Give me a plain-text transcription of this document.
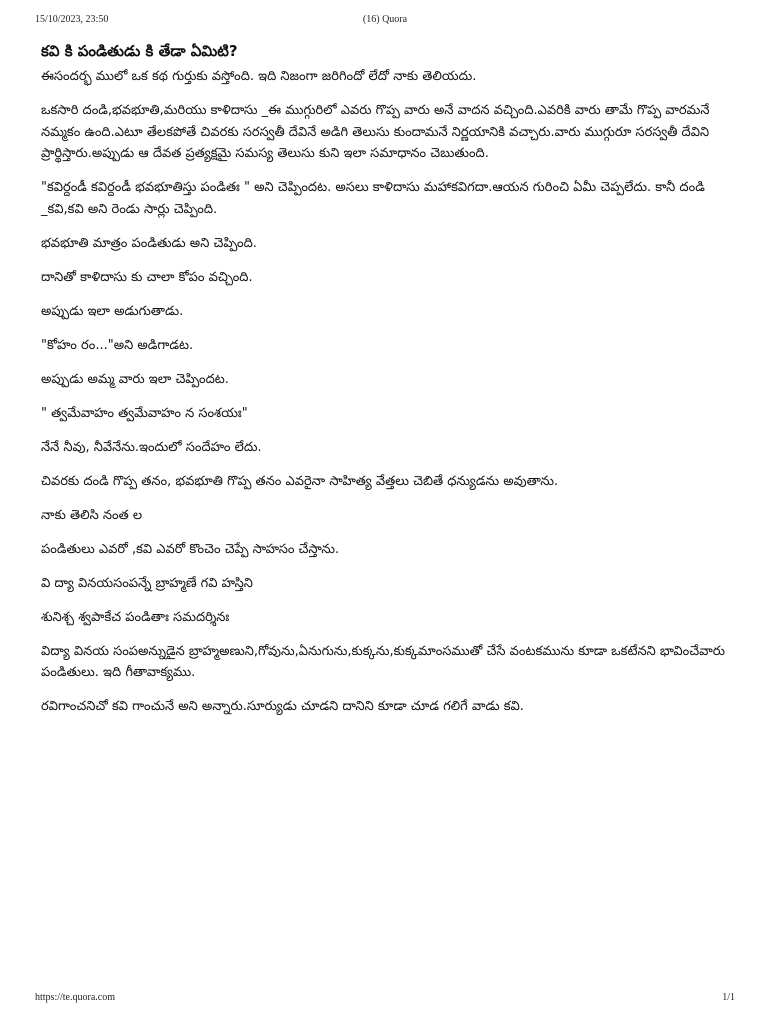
15/10/2023, 23:50	(16) Quora
కవి కి పండితుడు కి తేడా ఏమిటి?

ఈసందర్భ ములో ఒక కథ గుర్తుకు వస్తోంది. ఇది నిజంగా జరిగిందో లేదో నాకు తెలియదు.

ఒకసారి దండి,భవభూతి,మరియు కాళిదాసు _ఈ ముగ్గురిలో ఎవరు గొప్ప వారు అనే వాదన వచ్చింది.ఎవరికి వారు తామే గొప్ప వారమనే నమ్మకం ఉంది.ఎటూ తేలకపోతే చివరకు సరస్వతీ దేవినే అడిగి తెలుసు కుందామనే నిర్ణయానికి వచ్చారు.వారు ముగ్గురూ సరస్వతీ దేవిని ప్రార్థిస్తారు.అప్పుడు ఆ దేవత ప్రత్యక్షమై సమస్య తెలుసు కుని ఇలా సమాధానం చెబుతుంది.

"కవిర్దండీ కవిర్దండీ భవభూతిస్తు పండితః " అని చెప్పిందట. అసలు కాళిదాసు మహాకవిగదా.ఆయన గురించి ఏమీ చెప్పలేదు. కానీ దండి _కవి,కవి అని రెండు సార్లు చెప్పింది.

భవభూతి మాత్రం పండితుడు అని చెప్పింది.

దానితో కాళిదాసు కు చాలా కోపం వచ్చింది.

అప్పుడు ఇలా అడుగుతాడు.

"కోహం రం..."అని అడిగాడట.

అప్పుడు అమ్మ వారు ఇలా చెప్పిందట.

" త్వమేవాహం త్వమేవాహం న సంశయః"

నేనే నీవు, నీవేనేను.ఇందులో సందేహం లేదు.

చివరకు దండి గొప్ప తనం, భవభూతి గొప్ప తనం ఎవరైనా సాహిత్య వేత్తలు చెబితే ధన్యుడను అవుతాను.

నాకు తెలిసి నంత ల

పండితులు ఎవరో ,కవి ఎవరో కొంచెం చెప్పే సాహసం చేస్తాను.

వి ద్యా వినయసంపన్నే బ్రాహ్మణే గవి హస్తిని

శునిశ్చ శ్వపాకేచ పండితాః సమదర్శినః

విద్యా వినయ సంపఅన్నుడైన బ్రాహ్మఅణుని,గోవును,ఏనుగును,కుక్కను,కుక్కమాంసముతో చేసే వంటకమును కూడా ఒకటేనని భావించేవారు పండితులు. ఇది గీతావాక్యము.

రవిగాంచనిచో కవి గాంచునే అని అన్నారు.సూర్యుడు చూడని దానిని కూడా చూడ గలిగే వాడు కవి.

https://te.quora.com	1/1
